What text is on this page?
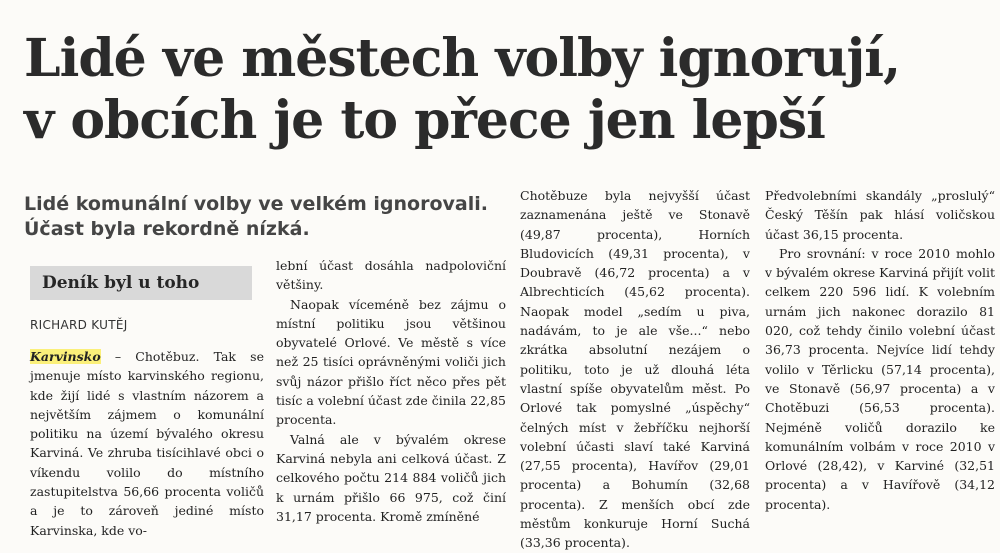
Lidé ve městech volby ignorují,
v obcích je to přece jen lepší
Lidé komunální volby ve velkém ignorovali.
Účast byla rekordně nízká.
Deník byl u toho
RICHARD KUTĚJ

Karvinsko – Chotěbuz. Tak se jmenuje místo karvinského regionu, kde žijí lidé s vlastním názorem a největším zájmem o komunální politiku na území bývalého okresu Karviná. Ve zhruba tisícihlavé obci o víkendu volilo do místního zastupitelstva 56,66 procenta voličů a je to zároveň jediné místo Karvinska, kde vo-

lební účast dosáhla nadpoloviční většiny.

Naopak víceméně bez zájmu o místní politiku jsou většinou obyvatelé Orlové. Ve městě s více než 25 tisíci oprávněnými voliči jich svůj názor přišlo říct něco přes pět tisíc a volební účast zde činila 22,85 procenta.

Valná ale v bývalém okrese Karviná nebyla ani celková účast. Z celkového počtu 214 884 voličů jich k urnám přišlo 66 975, což činí 31,17 procenta. Kromě zmíněné

Chotěbuze byla nejvyšší účast zaznamenána ještě ve Stonavě (49,87 procenta), Horních Bludovicích (49,31 procenta), v Doubravě (46,72 procenta) a v Albrechticích (45,62 procenta). Naopak model „sedím u piva, nadávám, to je ale vše...“ nebo zkrátka absolutní nezájem o politiku, toto je už dlouhá léta vlastní spíše obyvatelům měst. Po Orlové tak pomyslné „úspěchy“ čelných míst v žebříčku nejhorší volební účasti slaví také Karviná (27,55 procenta), Havířov (29,01 procenta) a Bohumín (32,68 procenta). Z menších obcí zde městům konkuruje Horní Suchá (33,36 procenta).

Předvolebními skandály „proslulý“ Český Těšín pak hlásí voličskou účast 36,15 procenta.

Pro srovnání: v roce 2010 mohlo v bývalém okrese Karviná přijít volit celkem 220 596 lidí. K volebním urnám jich nakonec dorazilo 81 020, což tehdy činilo volební účast 36,73 procenta. Nejvíce lidí tehdy volilo v Těrlicku (57,14 procenta), ve Stonavě (56,97 procenta) a v Chotěbuzi (56,53 procenta). Nejméně voličů dorazilo ke komunálním volbám v roce 2010 v Orlové (28,42), v Karviné (32,51 procenta) a v Havířově (34,12 procenta).
